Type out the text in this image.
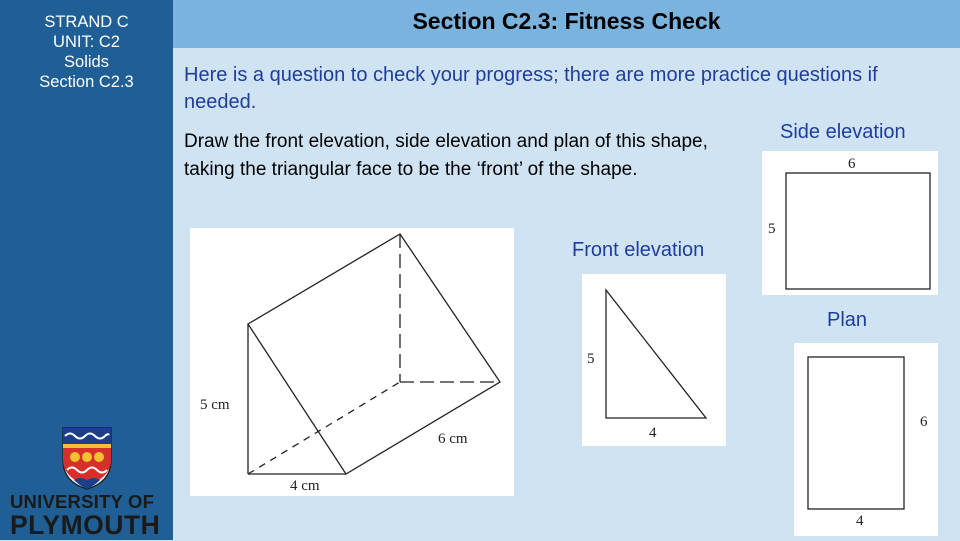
STRAND C
UNIT: C2
Solids
Section C2.3
UNIVERSITY OF
PLYMOUTH
Section C2.3: Fitness Check
Here is a question to check your progress; there are more practice questions if needed.
Draw the front elevation, side elevation and plan of this shape, taking the triangular face to be the ‘front’ of the shape.
5 cm
6 cm
4 cm
Front elevation
5
4
Side elevation
6
5
Plan
6
4
